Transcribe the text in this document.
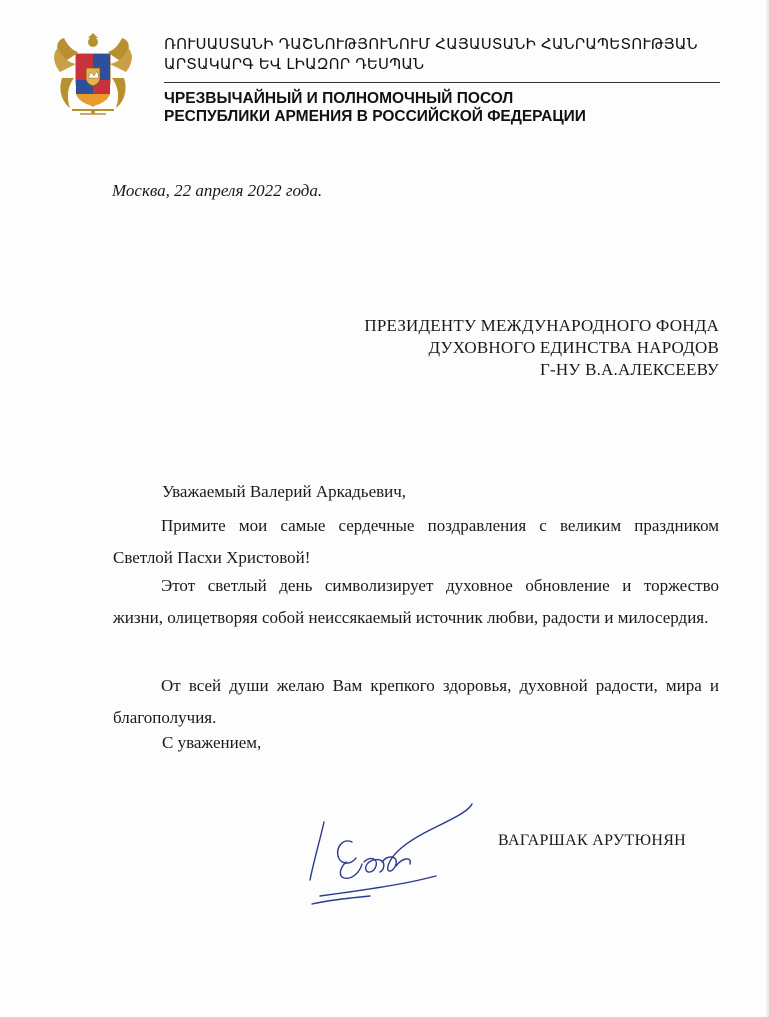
ՌՈՒՍԱՍՏԱՆԻ ԴԱՇՆՈՒԹՅՈՒՆՈՒՄ ՀԱՅԱՍՏԱՆԻ ՀԱՆՐԱՊԵՏՈՒԹՅԱՆ
ԱՐՏԱԿԱՐԳ ԵՎ ԼԻԱԶՈՐ ԴԵՍՊԱՆ
ЧРЕЗВЫЧАЙНЫЙ И ПОЛНОМОЧНЫЙ ПОСОЛ
РЕСПУБЛИКИ АРМЕНИЯ В РОССИЙСКОЙ ФЕДЕРАЦИИ
Москва, 22 апреля 2022 года.
ПРЕЗИДЕНТУ МЕЖДУНАРОДНОГО ФОНДА
ДУХОВНОГО ЕДИНСТВА НАРОДОВ
Г-НУ В.А.АЛЕКСЕЕВУ
Уважаемый Валерий Аркадьевич,
Примите мои самые сердечные поздравления с великим праздником
Светлой Пасхи Христовой!
Этот светлый день символизирует духовное обновление и торжество
жизни, олицетворяя собой неиссякаемый источник любви, радости и милосердия.
От всей души желаю Вам крепкого здоровья, духовной радости, мира и
благополучия.
С уважением,
ВАГАРШАК АРУТЮНЯН
